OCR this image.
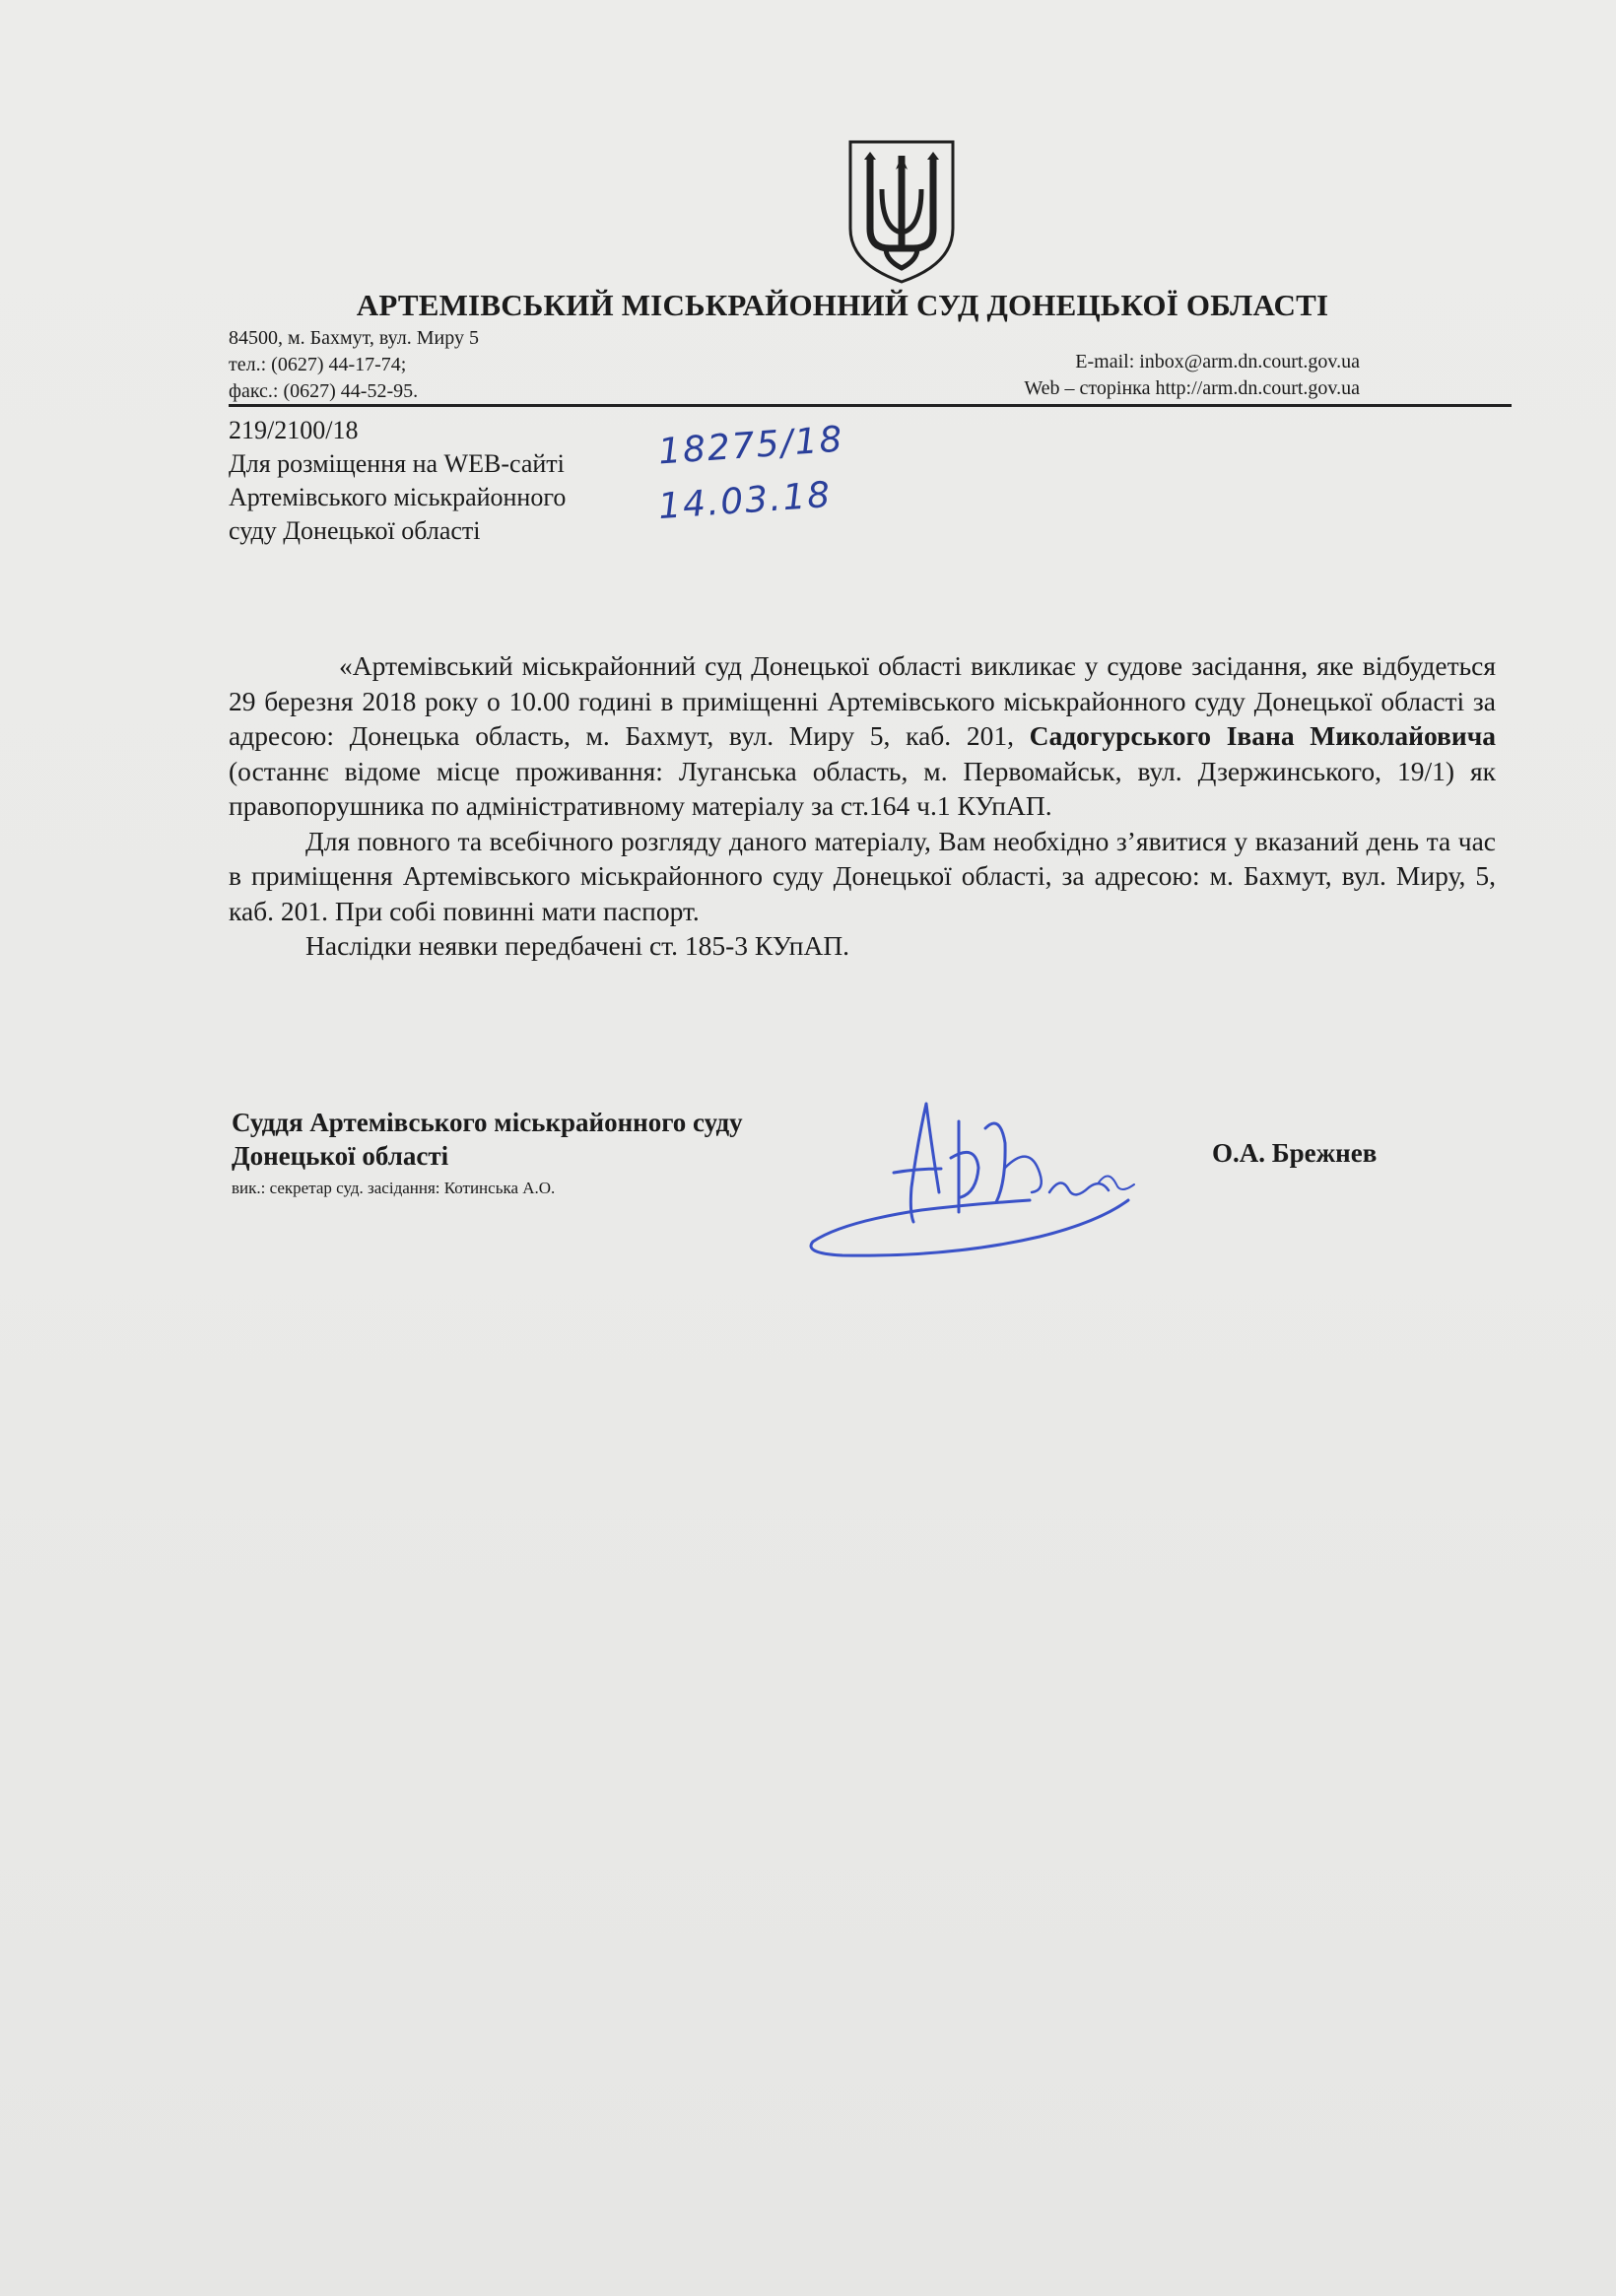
АРТЕМІВСЬКИЙ МІСЬКРАЙОННИЙ СУД ДОНЕЦЬКОЇ ОБЛАСТІ
84500, м. Бахмут, вул. Миру 5
тел.: (0627) 44-17-74;
факс.: (0627) 44-52-95.
E-mail: inbox@arm.dn.court.gov.ua
Web – сторінка http://arm.dn.court.gov.ua
219/2100/18
Для розміщення на WEB-сайті
Артемівського міськрайонного
суду Донецької області
18275/18
14.03.18

«Артемівський міськрайонний суд Донецької області викликає у судове засідання, яке відбудеться 29 березня 2018 року о 10.00 годині в приміщенні Артемівського міськрайонного суду Донецької області за адресою: Донецька область, м. Бахмут, вул. Миру 5, каб. 201, Садогурського Івана Миколайовича (останнє відоме місце проживання: Луганська область, м. Первомайськ, вул. Дзержинського, 19/1) як правопорушника по адміністративному матеріалу за ст.164 ч.1 КУпАП.

Для повного та всебічного розгляду даного матеріалу, Вам необхідно з’явитися у вказаний день та час в приміщення Артемівського міськрайонного суду Донецької області, за адресою: м. Бахмут, вул. Миру, 5, каб. 201. При собі повинні мати паспорт.

Наслідки неявки передбачені ст. 185-3 КУпАП.

Суддя Артемівського міськрайонного суду
Донецької області
вик.: секретар суд. засідання: Котинська А.О.
О.А. Брежнев
